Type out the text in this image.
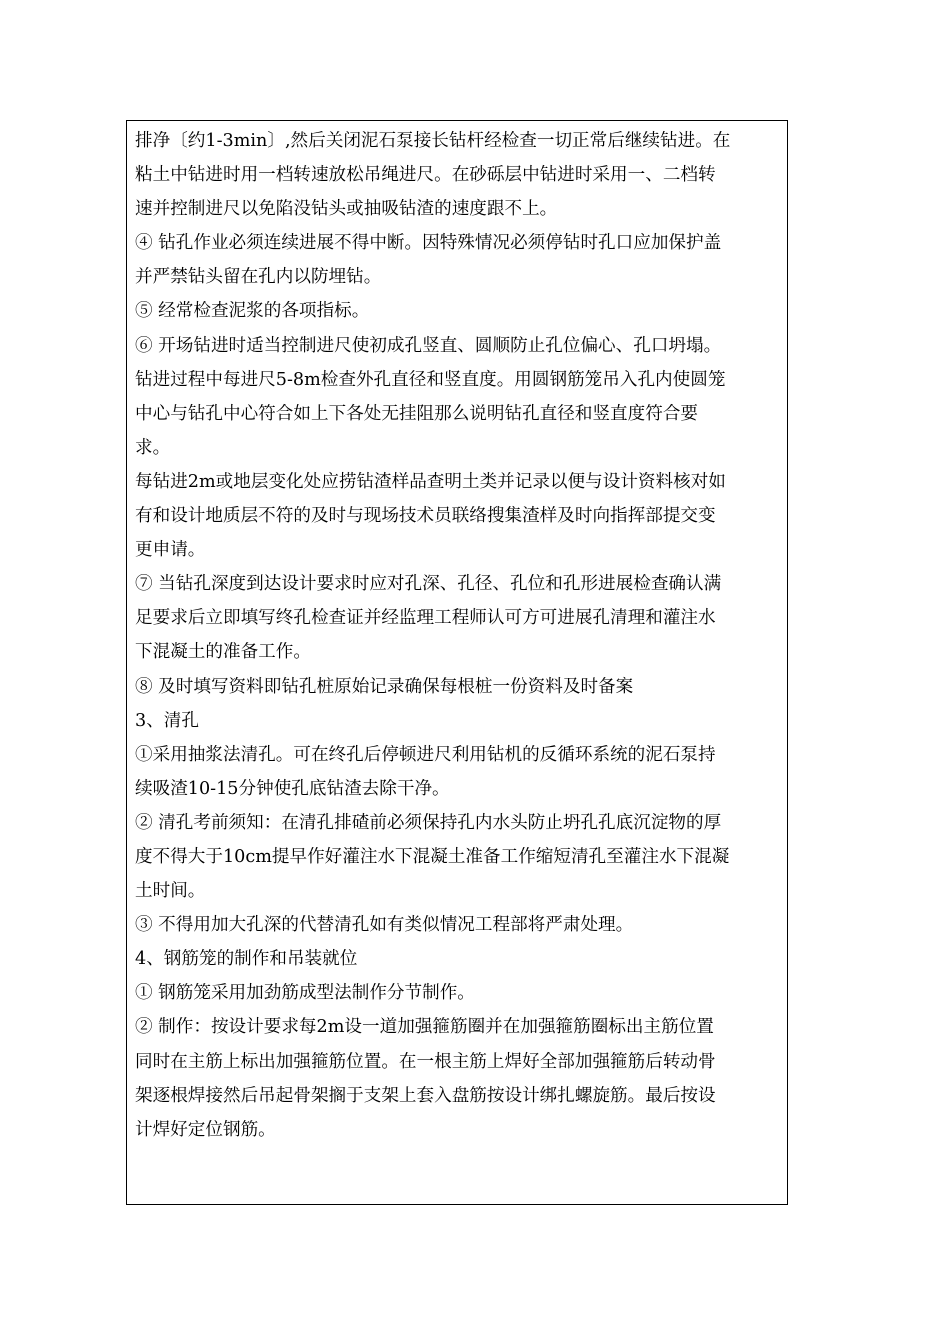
排净〔约1-3min〕,然后关闭泥石泵接长钻杆经检查一切正常后继续钻进。在
粘土中钻进时用一档转速放松吊绳进尺。在砂砾层中钻进时采用一、二档转
速并控制进尺以免陷没钻头或抽吸钻渣的速度跟不上。
④ 钻孔作业必须连续进展不得中断。因特殊情况必须停钻时孔口应加保护盖
并严禁钻头留在孔内以防埋钻。
⑤ 经常检查泥浆的各项指标。
⑥ 开场钻进时适当控制进尺使初成孔竖直、圆顺防止孔位偏心、孔口坍塌。
钻进过程中每进尺5-8m检查外孔直径和竖直度。用圆钢筋笼吊入孔内使圆笼
中心与钻孔中心符合如上下各处无挂阻那么说明钻孔直径和竖直度符合要
求。
每钻进2m或地层变化处应捞钻渣样品查明土类并记录以便与设计资料核对如
有和设计地质层不符的及时与现场技术员联络搜集渣样及时向指挥部提交变
更申请。
⑦ 当钻孔深度到达设计要求时应对孔深、孔径、孔位和孔形进展检查确认满
足要求后立即填写终孔检查证并经监理工程师认可方可进展孔清理和灌注水
下混凝土的准备工作。
⑧ 及时填写资料即钻孔桩原始记录确保每根桩一份资料及时备案
3、清孔
①采用抽浆法清孔。可在终孔后停顿进尺利用钻机的反循环系统的泥石泵持
续吸渣10-15分钟使孔底钻渣去除干净。
② 清孔考前须知：在清孔排碴前必须保持孔内水头防止坍孔孔底沉淀物的厚
度不得大于10cm提早作好灌注水下混凝土准备工作缩短清孔至灌注水下混凝
土时间。
③ 不得用加大孔深的代替清孔如有类似情况工程部将严肃处理。
4、钢筋笼的制作和吊装就位
① 钢筋笼采用加劲筋成型法制作分节制作。
② 制作：按设计要求每2m设一道加强箍筋圈并在加强箍筋圈标出主筋位置
同时在主筋上标出加强箍筋位置。在一根主筋上焊好全部加强箍筋后转动骨
架逐根焊接然后吊起骨架搁于支架上套入盘筋按设计绑扎螺旋筋。最后按设
计焊好定位钢筋。
